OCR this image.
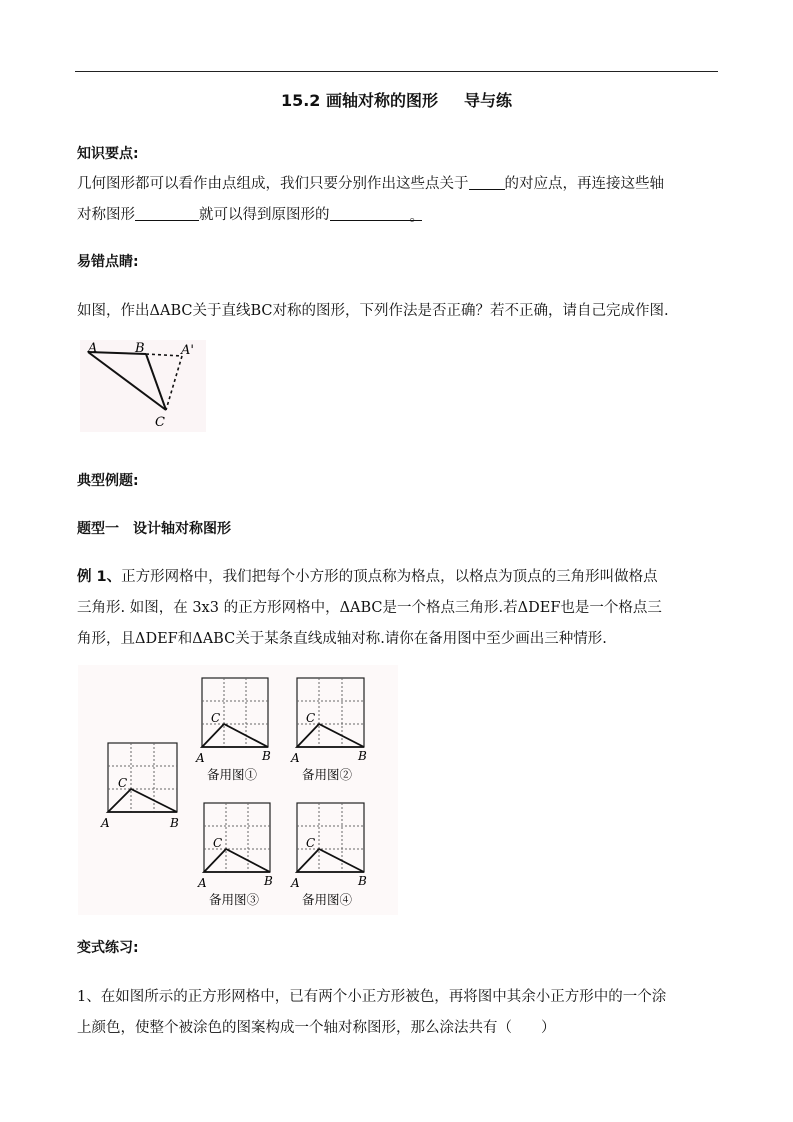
15.2 画轴对称的图形 导与练
知识要点:
几何图形都可以看作由点组成，我们只要分别作出这些点关于 的对应点，再连接这些轴
对称图形	就可以得到原图形的	。
易错点睛:
如图，作出ΔABC关于直线BC对称的图形，下列作法是否正确？若不正确，请自己完成作图.
A	B	A'
C
典型例题:
题型一　设计轴对称图形
例 1、正方形网格中，我们把每个小方形的顶点称为格点，以格点为顶点的三角形叫做格点
三角形. 如图，在 3x3 的正方形网格中，ΔABC是一个格点三角形.若ΔDEF也是一个格点三
角形，且ΔDEF和ΔABC关于某条直线成轴对称.请你在备用图中至少画出三种情形.
A	B
C
A	B
C
备用图①
A	B
C
备用图②
A	B
C
备用图③
A	B
C
备用图④
变式练习:
1、在如图所示的正方形网格中，已有两个小正方形被色，再将图中其余小正方形中的一个涂
上颜色，使整个被涂色的图案构成一个轴对称图形，那么涂法共有（　　）
